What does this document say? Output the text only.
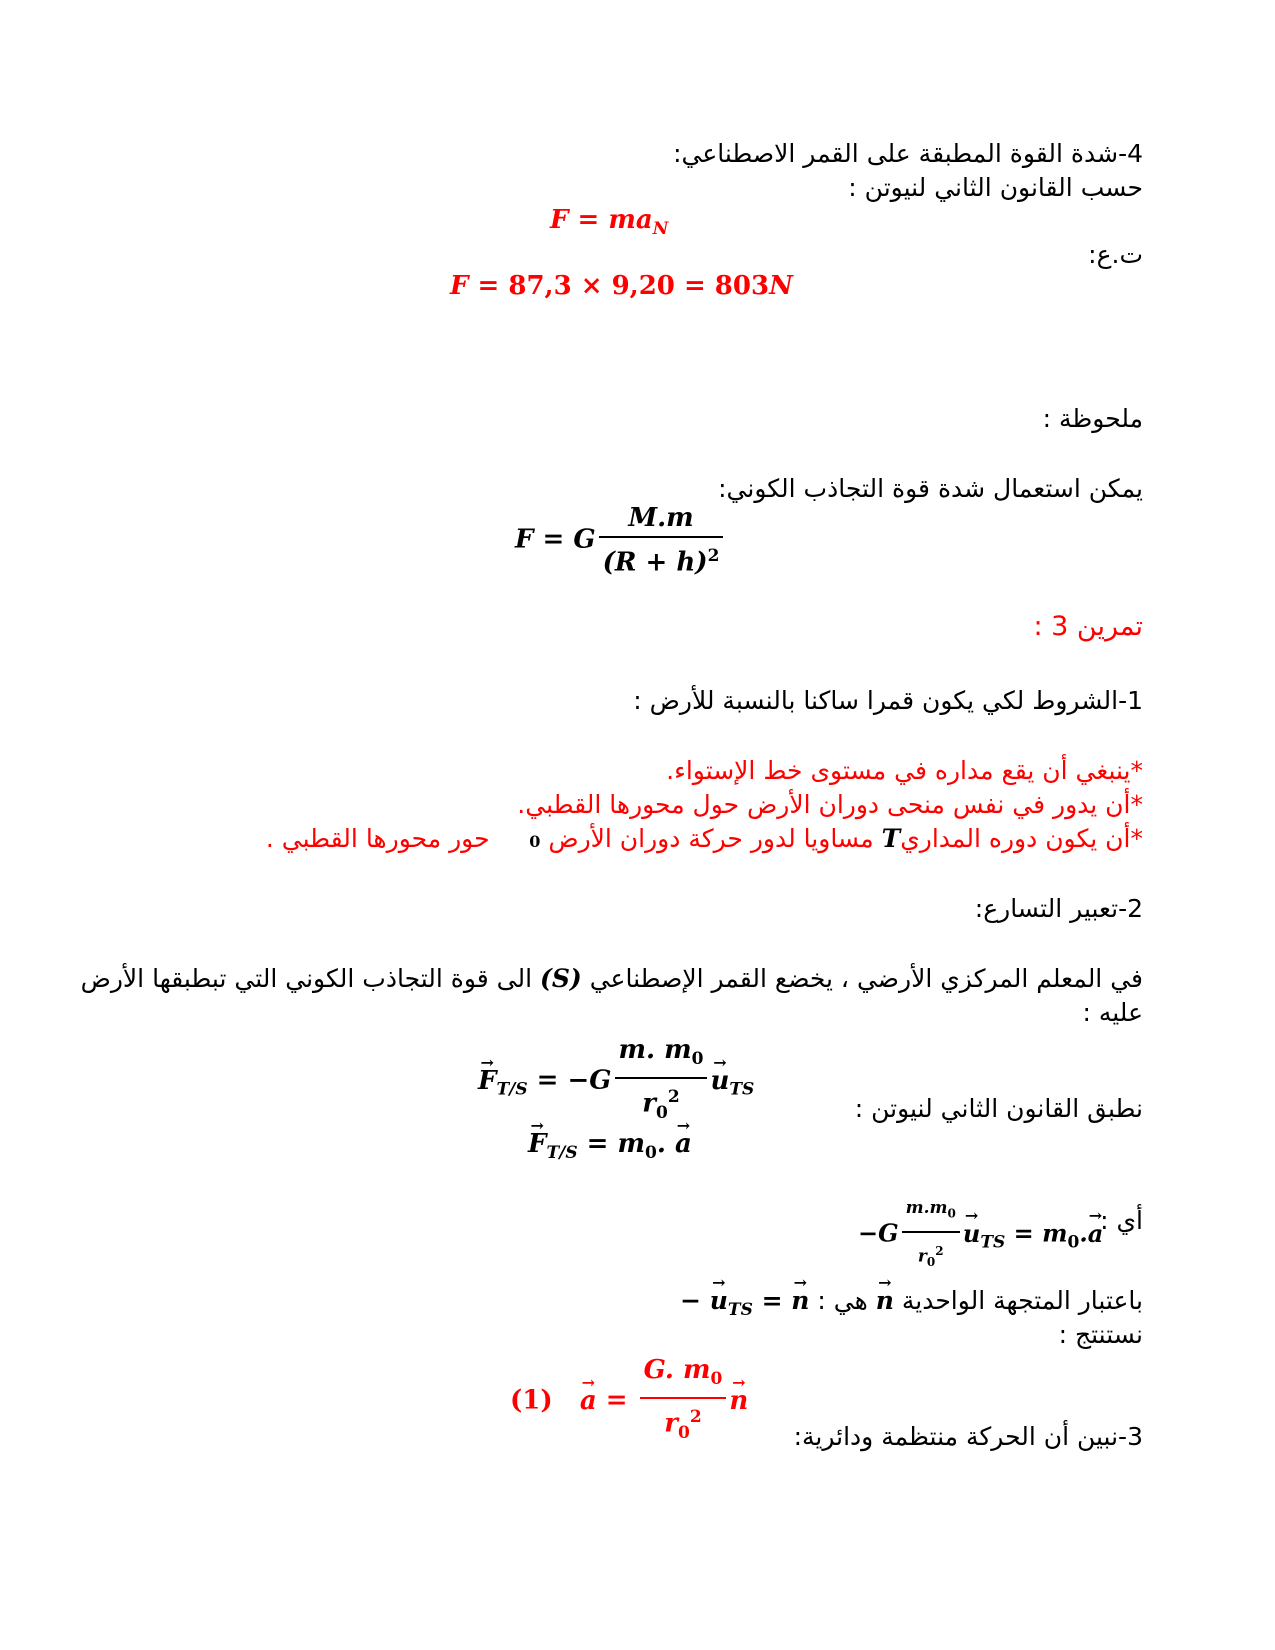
4-شدة القوة المطبقة على القمر الاصطناعي:
حسب القانون الثاني لنيوتن :
$F = ma_N$
ت.ع:
F = 87,3 × 9,20 = 803N
ملحوظة :
يمكن استعمال شدة قوة التجاذب الكوني:
F = G $\frac{M.m}{(R + h)^2}$
تمرين 3 :
1-الشروط لكي يكون قمرا ساكنا بالنسبة للأرض :
*ينبغي أن يقع مداره في مستوى خط الإستواء.
*أن يدور في نفس منحى دوران الأرض حول محورها القطبي.
*أن يكون دوره المداريT مساويا لدور حركة دوران الأرض 0     حور محورها القطبي .
2-تعبير التسارع:
في المعلم المركزي الأرضي ، يخضع القمر الإصطناعي (S) الى قوة التجاذب الكوني التي تبطبقها الأرض
عليه :
→ $F_{T/S} = -G \frac{m. m_0}{r_0^2}$
→ $u_{TS}$
نطبق القانون الثاني لنيوتن :
→ $F_{T/S} = m_0$. → a
أي :
$-G \frac{m.m_0}{r_0^2}$
→ $u_{TS} = m_0.\to a$
باعتبار المتجهة الواحدية → n هي : − → $u_{TS}$ = → n
نستنتج :
$(1) \to a = \frac{G. m_0}{r_0^2}$
→ n
3-نبين أن الحركة منتظمة ودائرية:
